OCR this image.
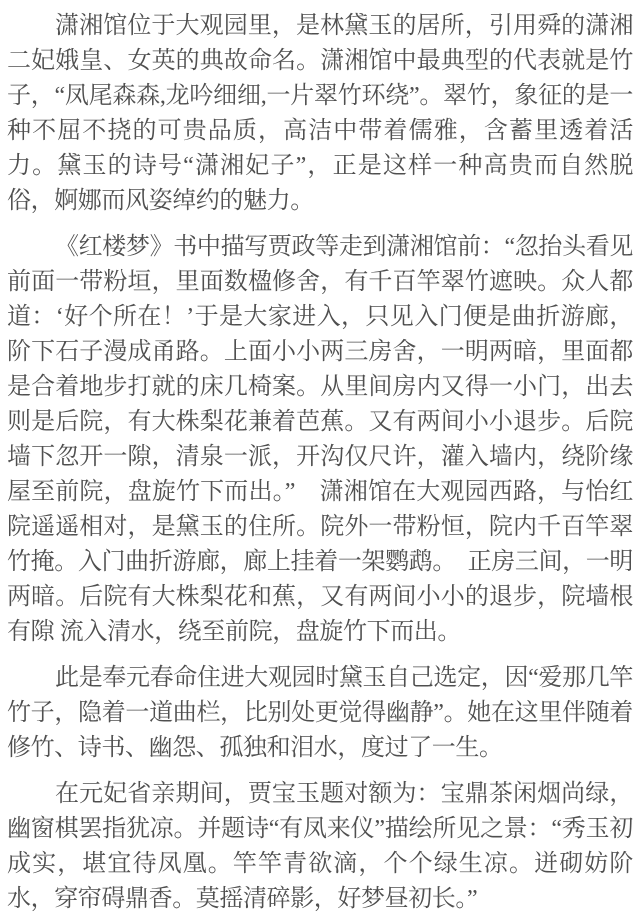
潇湘馆位于大观园里，是林黛玉的居所，引用舜的潇湘二妃娥皇、女英的典故命名。潇湘馆中最典型的代表就是竹子，“凤尾森森,龙吟细细,一片翠竹环绕”。翠竹，象征的是一种不屈不挠的可贵品质，高洁中带着儒雅，含蓄里透着活力。黛玉的诗号“潇湘妃子”，正是这样一种高贵而自然脱俗，婀娜而风姿绰约的魅力。

《红楼梦》书中描写贾政等走到潇湘馆前：“忽抬头看见前面一带粉垣，里面数楹修舍，有千百竿翠竹遮映。众人都道：‘好个所在！’于是大家进入，只见入门便是曲折游廊，阶下石子漫成甬路。上面小小两三房舍，一明两暗，里面都是合着地步打就的床几椅案。从里间房内又得一小门，出去则是后院，有大株梨花兼着芭蕉。又有两间小小退步。后院墙下忽开一隙，清泉一派，开沟仅尺许，灌入墙内，绕阶缘屋至前院，盘旋竹下而出。”　潇湘馆在大观园西路，与怡红院遥遥相对，是黛玉的住所。院外一带粉恒，院内千百竿翠竹掩。入门曲折游廊，廊上挂着一架鹦鹉。　正房三间，一明两暗。后院有大株梨花和蕉，又有两间小小的退步，院墙根有隙 流入清水，绕至前院，盘旋竹下而出。

此是奉元春命住进大观园时黛玉自己选定，因“爱那几竿竹子，隐着一道曲栏，比别处更觉得幽静”。她在这里伴随着修竹、诗书、幽怨、孤独和泪水，度过了一生。

在元妃省亲期间，贾宝玉题对额为：宝鼎茶闲烟尚绿，幽窗棋罢指犹凉。并题诗“有凤来仪”描绘所见之景：“秀玉初成实，堪宜待凤凰。竿竿青欲滴，个个绿生凉。迸砌妨阶水，穿帘碍鼎香。莫摇清碎影，好梦昼初长。”
